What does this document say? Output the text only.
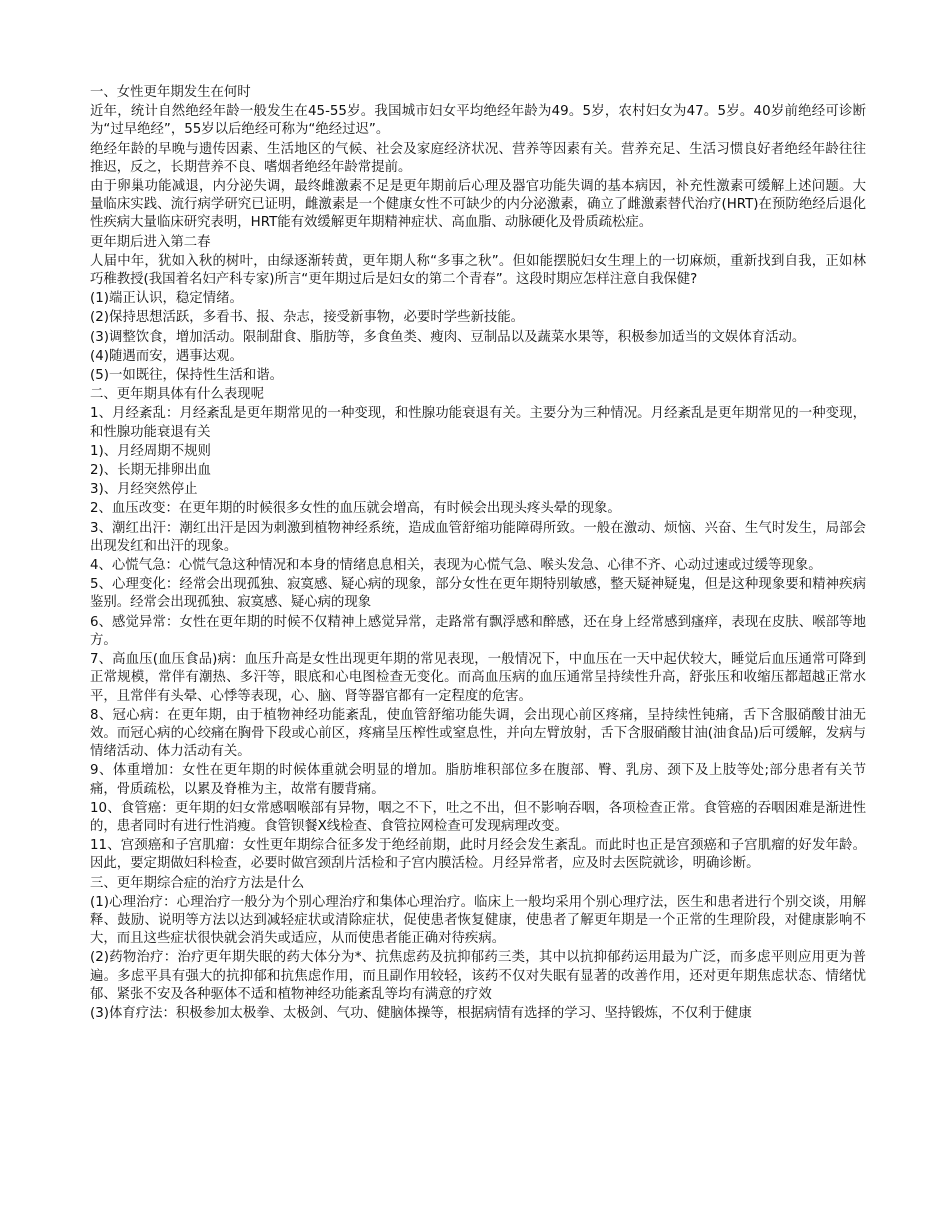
一、女性更年期发生在何时

近年，统计自然绝经年龄一般发生在45-55岁。我国城市妇女平均绝经年龄为49。5岁，农村妇女为47。5岁。40岁前绝经可诊断为“过早绝经”，55岁以后绝经可称为“绝经过迟”。

绝经年龄的早晚与遗传因素、生活地区的气候、社会及家庭经济状况、营养等因素有关。营养充足、生活习惯良好者绝经年龄往往推迟，反之，长期营养不良、嗜烟者绝经年龄常提前。

由于卵巢功能减退，内分泌失调，最终雌激素不足是更年期前后心理及器官功能失调的基本病因，补充性激素可缓解上述问题。大量临床实践、流行病学研究已证明，雌激素是一个健康女性不可缺少的内分泌激素，确立了雌激素替代治疗(HRT)在预防绝经后退化性疾病大量临床研究表明，HRT能有效缓解更年期精神症状、高血脂、动脉硬化及骨质疏松症。

更年期后进入第二春

人届中年，犹如入秋的树叶，由绿逐渐转黄，更年期人称“多事之秋”。但如能摆脱妇女生理上的一切麻烦，重新找到自我，正如林巧稚教授(我国着名妇产科专家)所言“更年期过后是妇女的第二个青春”。这段时期应怎样注意自我保健?

(1)端正认识，稳定情绪。

(2)保持思想活跃，多看书、报、杂志，接受新事物，必要时学些新技能。

(3)调整饮食，增加活动。限制甜食、脂肪等，多食鱼类、瘦肉、豆制品以及蔬菜水果等，积极参加适当的文娱体育活动。

(4)随遇而安，遇事达观。

(5)一如既往，保持性生活和谐。

二、更年期具体有什么表现呢

1、月经紊乱：月经紊乱是更年期常见的一种变现，和性腺功能衰退有关。主要分为三种情况。月经紊乱是更年期常见的一种变现，和性腺功能衰退有关

1)、月经周期不规则

2)、长期无排卵出血

3)、月经突然停止

2、血压改变：在更年期的时候很多女性的血压就会增高，有时候会出现头疼头晕的现象。

3、潮红出汗：潮红出汗是因为刺激到植物神经系统，造成血管舒缩功能障碍所致。一般在激动、烦恼、兴奋、生气时发生，局部会出现发红和出汗的现象。

4、心慌气急：心慌气急这种情况和本身的情绪息息相关，表现为心慌气急、喉头发急、心律不齐、心动过速或过缓等现象。

5、心理变化：经常会出现孤独、寂寞感、疑心病的现象，部分女性在更年期特别敏感，整天疑神疑鬼，但是这种现象要和精神疾病鉴别。经常会出现孤独、寂寞感、疑心病的现象

6、感觉异常：女性在更年期的时候不仅精神上感觉异常，走路常有飘浮感和醉感，还在身上经常感到瘙痒，表现在皮肤、喉部等地方。

7、高血压(血压食品)病：血压升高是女性出现更年期的常见表现，一般情况下，中血压在一天中起伏较大，睡觉后血压通常可降到正常规模，常伴有潮热、多汗等，眼底和心电图检查无变化。而高血压病的血压通常呈持续性升高，舒张压和收缩压都超越正常水平，且常伴有头晕、心悸等表现，心、脑、肾等器官都有一定程度的危害。

8、冠心病：在更年期，由于植物神经功能紊乱，使血管舒缩功能失调，会出现心前区疼痛，呈持续性钝痛，舌下含服硝酸甘油无效。而冠心病的心绞痛在胸骨下段或心前区，疼痛呈压榨性或窒息性，并向左臂放射，舌下含服硝酸甘油(油食品)后可缓解，发病与情绪活动、体力活动有关。

9、体重增加：女性在更年期的时候体重就会明显的增加。脂肪堆积部位多在腹部、臀、乳房、颈下及上肢等处;部分患者有关节痛，骨质疏松，以累及脊椎为主，故常有腰背痛。

10、食管癌：更年期的妇女常感咽喉部有异物，咽之不下，吐之不出，但不影响吞咽，各项检查正常。食管癌的吞咽困难是渐进性的，患者同时有进行性消瘦。食管钡餐X线检查、食管拉网检查可发现病理改变。

11、宫颈癌和子宫肌瘤：女性更年期综合征多发于绝经前期，此时月经会发生紊乱。而此时也正是宫颈癌和子宫肌瘤的好发年龄。因此，要定期做妇科检查，必要时做宫颈刮片活检和子宫内膜活检。月经异常者，应及时去医院就诊，明确诊断。

三、更年期综合症的治疗方法是什么

(1)心理治疗：心理治疗一般分为个别心理治疗和集体心理治疗。临床上一般均采用个别心理疗法，医生和患者进行个别交谈，用解释、鼓励、说明等方法以达到减轻症状或清除症状，促使患者恢复健康，使患者了解更年期是一个正常的生理阶段，对健康影响不大，而且这些症状很快就会消失或适应，从而使患者能正确对待疾病。

(2)药物治疗：治疗更年期失眠的药大体分为*、抗焦虑药及抗抑郁药三类，其中以抗抑郁药运用最为广泛，而多虑平则应用更为普遍。多虑平具有强大的抗抑郁和抗焦虑作用，而且副作用较轻，该药不仅对失眠有显著的改善作用，还对更年期焦虑状态、情绪忧郁、紧张不安及各种驱体不适和植物神经功能紊乱等均有满意的疗效

(3)体育疗法：积极参加太极拳、太极剑、气功、健脑体操等，根据病情有选择的学习、坚持锻炼，不仅利于健康
